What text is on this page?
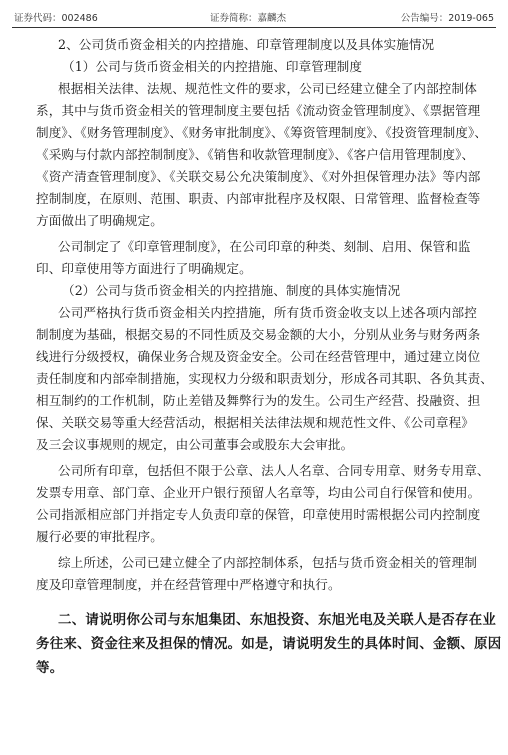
证券代码：002486	证券简称：嘉麟杰	公告编号：2019-065
2、公司货币资金相关的内控措施、印章管理制度以及具体实施情况
（1）公司与货币资金相关的内控措施、印章管理制度
根据相关法律、法规、规范性文件的要求，公司已经建立健全了内部控制体
系，其中与货币资金相关的管理制度主要包括《流动资金管理制度》、《票据管理
制度》、《财务管理制度》、《财务审批制度》、《筹资管理制度》、《投资管理制度》、
《采购与付款内部控制制度》、《销售和收款管理制度》、《客户信用管理制度》、
《资产清查管理制度》、《关联交易公允决策制度》、《对外担保管理办法》等内部
控制制度，在原则、范围、职责、内部审批程序及权限、日常管理、监督检查等
方面做出了明确规定。
公司制定了《印章管理制度》，在公司印章的种类、刻制、启用、保管和监
印、印章使用等方面进行了明确规定。
（2）公司与货币资金相关的内控措施、制度的具体实施情况
公司严格执行货币资金相关内控措施，所有货币资金收支以上述各项内部控
制制度为基础，根据交易的不同性质及交易金额的大小，分别从业务与财务两条
线进行分级授权，确保业务合规及资金安全。公司在经营管理中，通过建立岗位
责任制度和内部牵制措施，实现权力分级和职责划分，形成各司其职、各负其责、
相互制约的工作机制，防止差错及舞弊行为的发生。公司生产经营、投融资、担
保、关联交易等重大经营活动，根据相关法律法规和规范性文件、《公司章程》
及三会议事规则的规定，由公司董事会或股东大会审批。
公司所有印章，包括但不限于公章、法人人名章、合同专用章、财务专用章、
发票专用章、部门章、企业开户银行预留人名章等，均由公司自行保管和使用。
公司指派相应部门并指定专人负责印章的保管，印章使用时需根据公司内控制度
履行必要的审批程序。
综上所述，公司已建立健全了内部控制体系，包括与货币资金相关的管理制
度及印章管理制度，并在经营管理中严格遵守和执行。
二、请说明你公司与东旭集团、东旭投资、东旭光电及关联人是否存在业
务往来、资金往来及担保的情况。如是，请说明发生的具体时间、金额、原因
等。
